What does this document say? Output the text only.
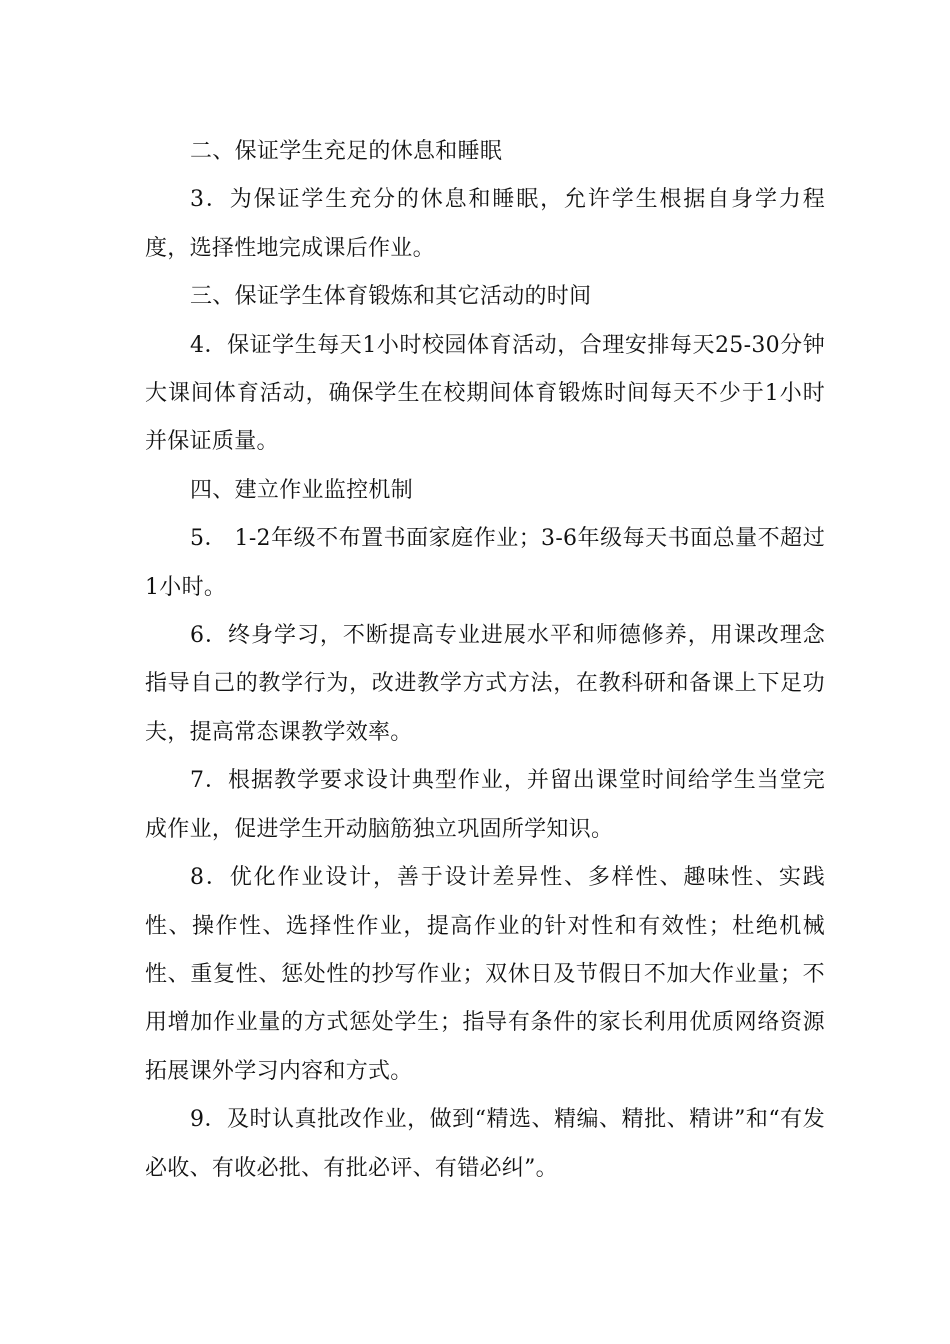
二、保证学生充足的休息和睡眠

3．为保证学生充分的休息和睡眠，允许学生根据自身学力程度，选择性地完成课后作业。

三、保证学生体育锻炼和其它活动的时间

4．保证学生每天1小时校园体育活动，合理安排每天25-30分钟大课间体育活动，确保学生在校期间体育锻炼时间每天不少于1小时并保证质量。

四、建立作业监控机制

5． 1-2年级不布置书面家庭作业；3-6年级每天书面总量不超过1小时。

6．终身学习，不断提高专业进展水平和师德修养，用课改理念指导自己的教学行为，改进教学方式方法，在教科研和备课上下足功夫，提高常态课教学效率。

7．根据教学要求设计典型作业，并留出课堂时间给学生当堂完成作业，促进学生开动脑筋独立巩固所学知识。

8．优化作业设计，善于设计差异性、多样性、趣味性、实践性、操作性、选择性作业，提高作业的针对性和有效性；杜绝机械性、重复性、惩处性的抄写作业；双休日及节假日不加大作业量；不用增加作业量的方式惩处学生；指导有条件的家长利用优质网络资源拓展课外学习内容和方式。

9．及时认真批改作业，做到“精选、精编、精批、精讲”和“有发必收、有收必批、有批必评、有错必纠”。
